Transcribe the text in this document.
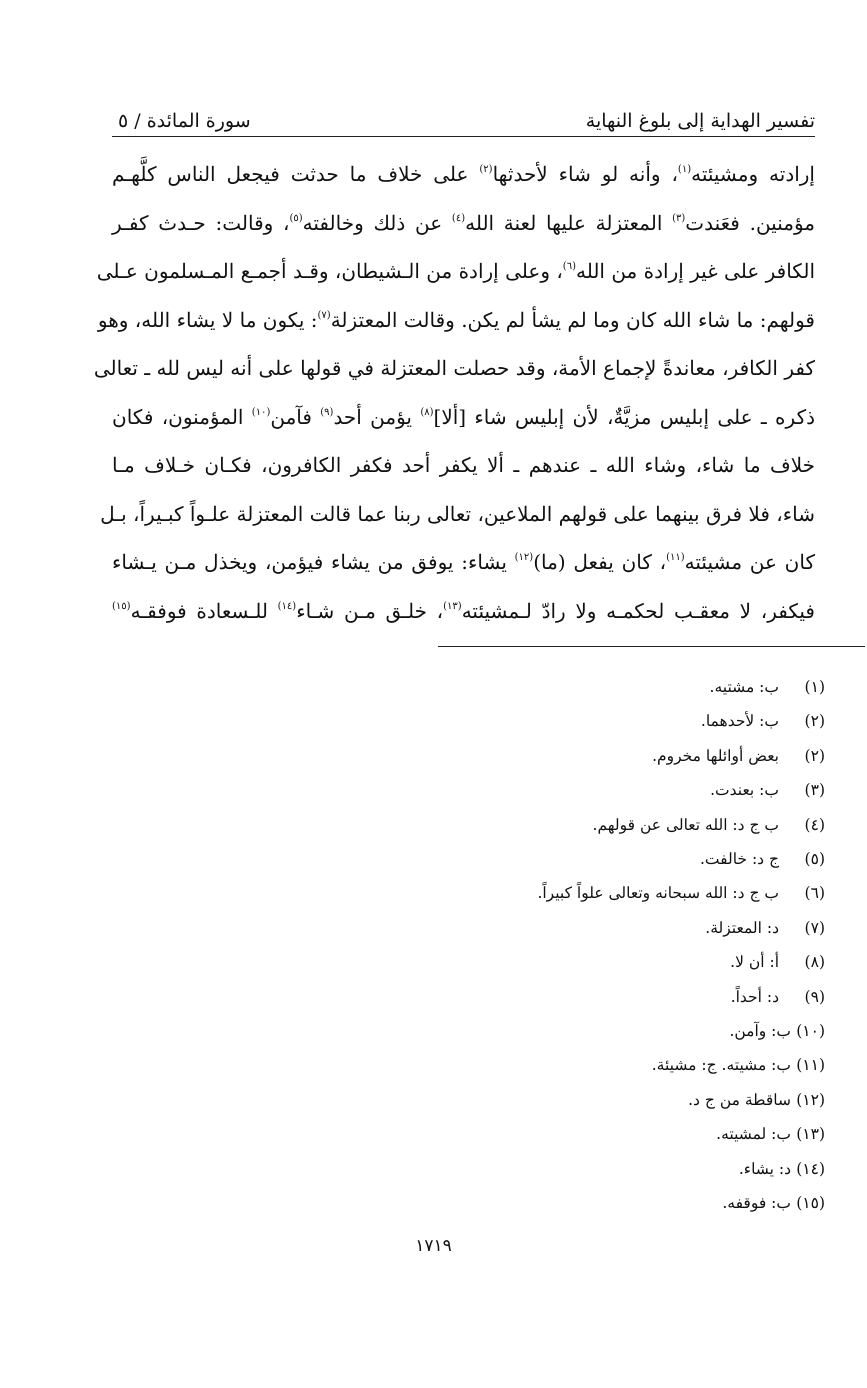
تفسير الهداية إلى بلوغ النهاية
سورة المائدة / ٥
إرادته ومشيئته$^{(١)}$، وأنه لو شاء لأحدثها$^{(٢)}$ على خلاف ما حدثت فيجعل الناس كلَّهـم
مؤمنين. فعَندت$^{(٣)}$ المعتزلة عليها لعنة الله$^{(٤)}$ عن ذلك وخالفته$^{(٥)}$، وقالت: حـدث كفـر
الكافر على غير إرادة من الله$^{(٦)}$، وعلى إرادة من الـشيطان، وقـد أجمـع المـسلمون عـلى
قولهم: ما شاء الله كان وما لم يشأ لم يكن. وقالت المعتزلة$^{(٧)}$: يكون ما لا يشاء الله، وهو
كفر الكافر، معاندةً لإجماع الأمة، وقد حصلت المعتزلة في قولها على أنه ليس لله ـ تعالى
ذكره ـ على إبليس مزيَّةٌ، لأن إبليس شاء [ألا]$^{(٨)}$ يؤمن أحد$^{(٩)}$ فآمن$^{(١٠)}$ المؤمنون، فكان
خلاف ما شاء، وشاء الله ـ عندهم ـ ألا يكفر أحد فكفر الكافرون، فكـان خـلاف مـا
شاء، فلا فرق بينهما على قولهم الملاعين، تعالى ربنا عما قالت المعتزلة علـواً كبـيراً، بـل
كان عن مشيئته$^{(١١)}$، كان يفعل (ما)$^{(١٢)}$ يشاء: يوفق من يشاء فيؤمن، ويخذل مـن يـشاء
فيكفر، لا معقـب لحكمـه ولا رادّ لـمشيئته$^{(١٣)}$، خلـق مـن شـاء$^{(١٤)}$ للـسعادة فوفقـه$^{(١٥)}$
(١)
ب: مشتيه.
(٢)
ب: لأحدهما.
(٢)
بعض أوائلها مخروم.
(٣)
ب: بعندت.
(٤)
ب ج د: الله تعالى عن قولهم.
(٥)
ج د: خالفت.
(٦)
ب ج د: الله سبحانه وتعالى علواً كبيراً.
(٧)
د: المعتزلة.
(٨)
أ: أن لا.
(٩)
د: أحداً.
(١٠)
ب: وآمن.
(١١)
ب: مشيته. ج: مشيئة.
(١٢)
ساقطة من ج د.
(١٣)
ب: لمشيته.
(١٤)
د: يشاء.
(١٥)
ب: فوقفه.
١٧١٩
